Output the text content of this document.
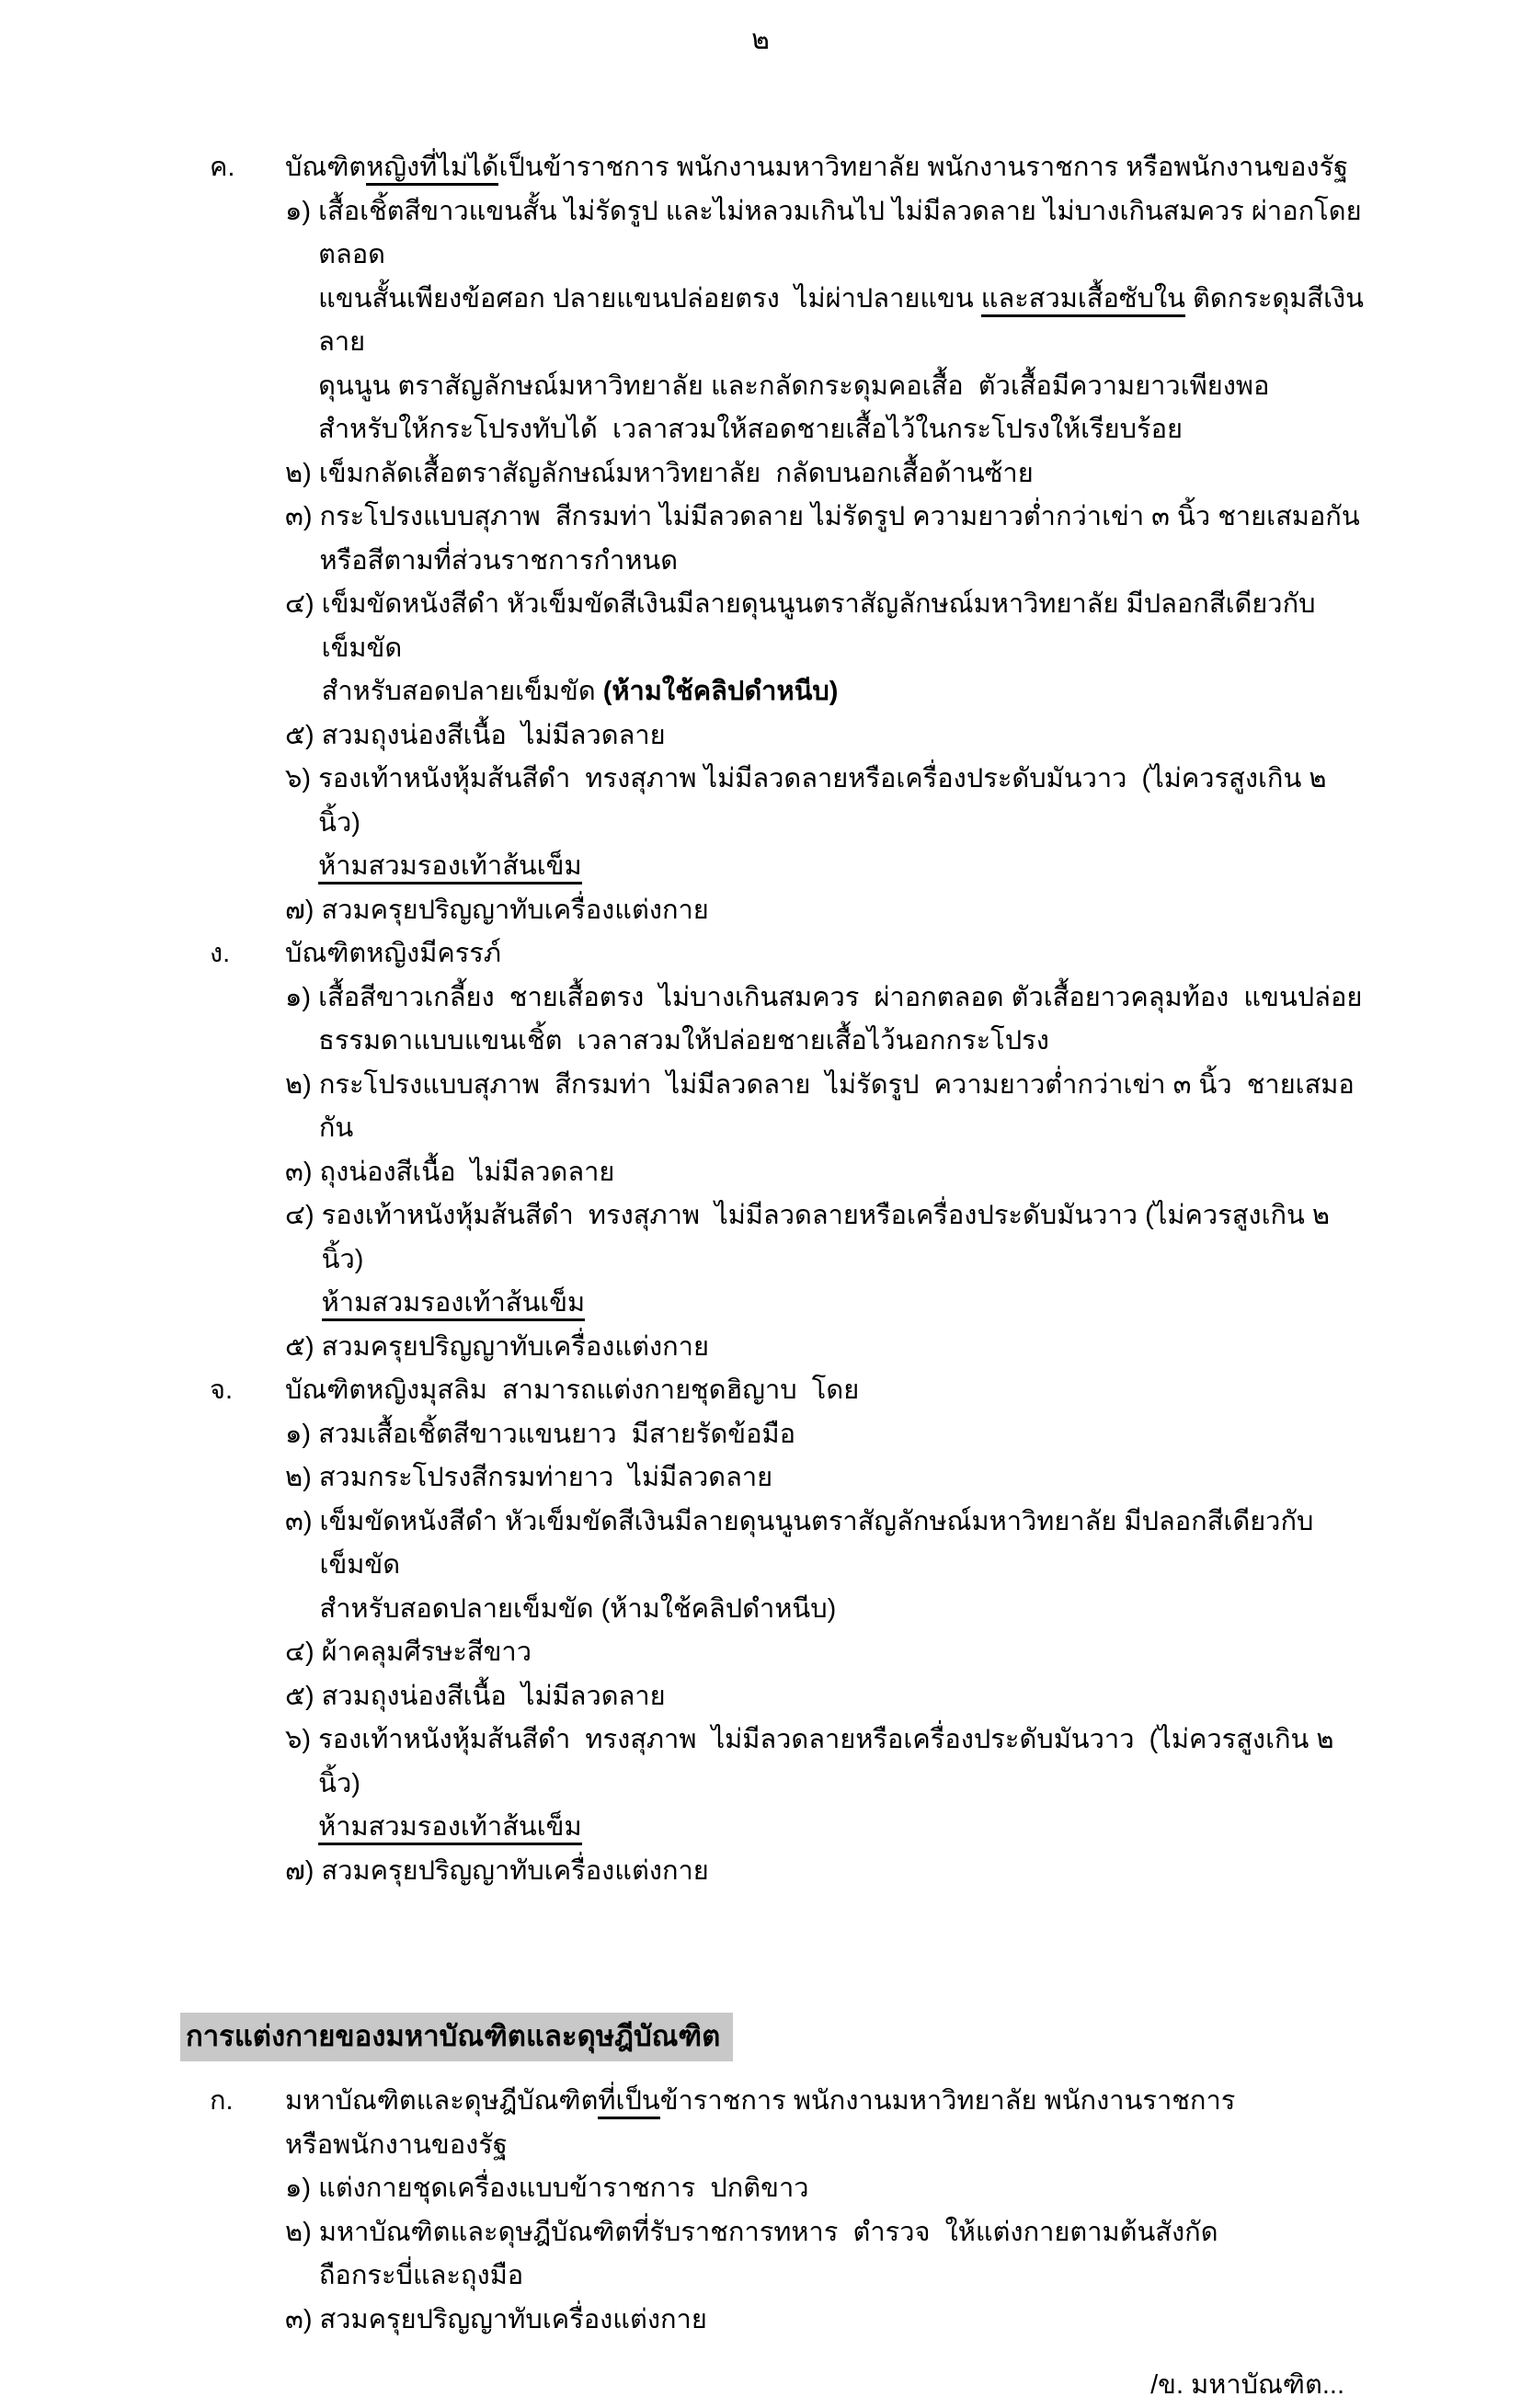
๒
ค. บัณฑิตหญิงที่ไม่ได้เป็นข้าราชการ พนักงานมหาวิทยาลัย พนักงานราชการ หรือพนักงานของรัฐ
๑) เสื้อเชิ้ตสีขาวแขนสั้น ไม่รัดรูป และไม่หลวมเกินไป ไม่มีลวดลาย ไม่บางเกินสมควร ผ่าอกโดยตลอด
แขนสั้นเพียงข้อศอก ปลายแขนปล่อยตรง  ไม่ผ่าปลายแขน และสวมเสื้อซับใน ติดกระดุมสีเงินลาย
ดุนนูน ตราสัญลักษณ์มหาวิทยาลัย และกลัดกระดุมคอเสื้อ  ตัวเสื้อมีความยาวเพียงพอ
สำหรับให้กระโปรงทับได้  เวลาสวมให้สอดชายเสื้อไว้ในกระโปรงให้เรียบร้อย
๒) เข็มกลัดเสื้อตราสัญลักษณ์มหาวิทยาลัย  กลัดบนอกเสื้อด้านซ้าย
๓) กระโปรงแบบสุภาพ  สีกรมท่า ไม่มีลวดลาย ไม่รัดรูป ความยาวต่ำกว่าเข่า ๓ นิ้ว ชายเสมอกัน
หรือสีตามที่ส่วนราชการกำหนด
๔) เข็มขัดหนังสีดำ หัวเข็มขัดสีเงินมีลายดุนนูนตราสัญลักษณ์มหาวิทยาลัย มีปลอกสีเดียวกับเข็มขัด
สำหรับสอดปลายเข็มขัด (ห้ามใช้คลิปดำหนีบ)
๕) สวมถุงน่องสีเนื้อ  ไม่มีลวดลาย
๖) รองเท้าหนังหุ้มส้นสีดำ  ทรงสุภาพ ไม่มีลวดลายหรือเครื่องประดับมันวาว  (ไม่ควรสูงเกิน ๒ นิ้ว)
ห้ามสวมรองเท้าส้นเข็ม
๗) สวมครุยปริญญาทับเครื่องแต่งกาย
ง. บัณฑิตหญิงมีครรภ์
๑) เสื้อสีขาวเกลี้ยง  ชายเสื้อตรง  ไม่บางเกินสมควร  ผ่าอกตลอด ตัวเสื้อยาวคลุมท้อง  แขนปล่อย
ธรรมดาแบบแขนเชิ้ต  เวลาสวมให้ปล่อยชายเสื้อไว้นอกกระโปรง
๒) กระโปรงแบบสุภาพ  สีกรมท่า  ไม่มีลวดลาย  ไม่รัดรูป  ความยาวต่ำกว่าเข่า ๓ นิ้ว  ชายเสมอกัน
๓) ถุงน่องสีเนื้อ  ไม่มีลวดลาย
๔) รองเท้าหนังหุ้มส้นสีดำ  ทรงสุภาพ  ไม่มีลวดลายหรือเครื่องประดับมันวาว (ไม่ควรสูงเกิน ๒ นิ้ว)
ห้ามสวมรองเท้าส้นเข็ม
๕) สวมครุยปริญญาทับเครื่องแต่งกาย
จ. บัณฑิตหญิงมุสลิม  สามารถแต่งกายชุดฮิญาบ  โดย
๑) สวมเสื้อเชิ้ตสีขาวแขนยาว  มีสายรัดข้อมือ
๒) สวมกระโปรงสีกรมท่ายาว  ไม่มีลวดลาย
๓) เข็มขัดหนังสีดำ หัวเข็มขัดสีเงินมีลายดุนนูนตราสัญลักษณ์มหาวิทยาลัย มีปลอกสีเดียวกับเข็มขัด
สำหรับสอดปลายเข็มขัด (ห้ามใช้คลิปดำหนีบ)
๔) ผ้าคลุมศีรษะสีขาว
๕) สวมถุงน่องสีเนื้อ  ไม่มีลวดลาย
๖) รองเท้าหนังหุ้มส้นสีดำ  ทรงสุภาพ  ไม่มีลวดลายหรือเครื่องประดับมันวาว  (ไม่ควรสูงเกิน ๒ นิ้ว)
ห้ามสวมรองเท้าส้นเข็ม
๗) สวมครุยปริญญาทับเครื่องแต่งกาย
การแต่งกายของมหาบัณฑิตและดุษฎีบัณฑิต
ก. มหาบัณฑิตและดุษฎีบัณฑิตที่เป็นข้าราชการ พนักงานมหาวิทยาลัย พนักงานราชการ
หรือพนักงานของรัฐ
๑) แต่งกายชุดเครื่องแบบข้าราชการ  ปกติขาว
๒) มหาบัณฑิตและดุษฎีบัณฑิตที่รับราชการทหาร  ตำรวจ  ให้แต่งกายตามต้นสังกัด
ถือกระบี่และถุงมือ
๓) สวมครุยปริญญาทับเครื่องแต่งกาย
/ข. มหาบัณฑิต...
